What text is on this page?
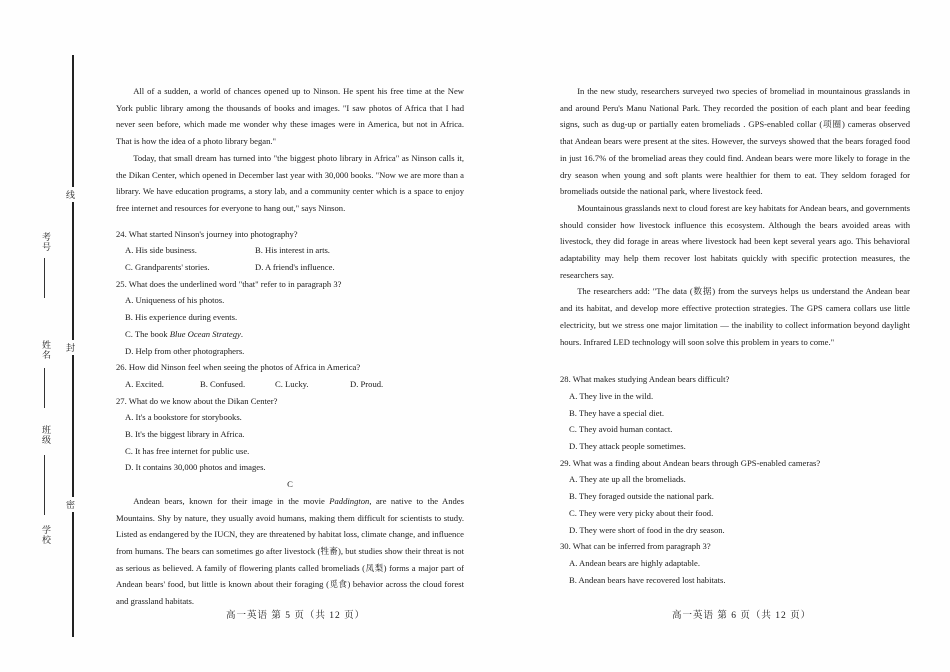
考号
姓名
班级
学校
线
封
密

All of a sudden, a world of chances opened up to Ninson. He spent his free time at the New York public library among the thousands of books and images. "I saw photos of Africa that I had never seen before, which made me wonder why these images were in America, but not in Africa. That is how the idea of a photo library began."

Today, that small dream has turned into "the biggest photo library in Africa" as Ninson calls it, the Dikan Center, which opened in December last year with 30,000 books. "Now we are more than a library. We have education programs, a story lab, and a community center which is a space to enjoy free internet and resources for everyone to hang out," says Ninson.

24. What started Ninson's journey into photography?
A. His side business.	B. His interest in arts.
C. Grandparents' stories.	D. A friend's influence.
25. What does the underlined word "that" refer to in paragraph 3?
A. Uniqueness of his photos.
B. His experience during events.
C. The book Blue Ocean Strategy.
D. Help from other photographers.
26. How did Ninson feel when seeing the photos of Africa in America?
A. Excited.	B. Confused.	C. Lucky.	D. Proud.
27. What do we know about the Dikan Center?
A. It's a bookstore for storybooks.
B. It's the biggest library in Africa.
C. It has free internet for public use.
D. It contains 30,000 photos and images.
C

Andean bears, known for their image in the movie Paddington, are native to the Andes Mountains. Shy by nature, they usually avoid humans, making them difficult for scientists to study. Listed as endangered by the IUCN, they are threatened by habitat loss, climate change, and influence from humans. The bears can sometimes go after livestock (牲畜), but studies show their threat is not as serious as believed. A family of flowering plants called bromeliads (凤梨) forms a major part of Andean bears' food, but little is known about their foraging (觅食) behavior across the cloud forest and grassland habitats.

高一英语 第 5 页（共 12 页）

In the new study, researchers surveyed two species of bromeliad in mountainous grasslands in and around Peru's Manu National Park. They recorded the position of each plant and bear feeding signs, such as dug-up or partially eaten bromeliads . GPS-enabled collar (项圈) cameras observed that Andean bears were present at the sites. However, the surveys showed that the bears foraged food in just 16.7% of the bromeliad areas they could find. Andean bears were more likely to forage in the dry season when young and soft plants were healthier for them to eat. They seldom foraged for bromeliads outside the national park, where livestock feed.

Mountainous grasslands next to cloud forest are key habitats for Andean bears, and governments should consider how livestock influence this ecosystem. Although the bears avoided areas with livestock, they did forage in areas where livestock had been kept several years ago. This behavioral adaptability may help them recover lost habitats quickly with specific protection measures, the researchers say.

The researchers add: "The data (数据) from the surveys helps us understand the Andean bear and its habitat, and develop more effective protection strategies. The GPS camera collars use little electricity, but we stress one major limitation — the inability to collect information beyond daylight hours. Infrared LED technology will soon solve this problem in years to come."

28. What makes studying Andean bears difficult?
A. They live in the wild.
B. They have a special diet.
C. They avoid human contact.
D. They attack people sometimes.
29. What was a finding about Andean bears through GPS-enabled cameras?
A. They ate up all the bromeliads.
B. They foraged outside the national park.
C. They were very picky about their food.
D. They were short of food in the dry season.
30. What can be inferred from paragraph 3?
A. Andean bears are highly adaptable.
B. Andean bears have recovered lost habitats.
高一英语 第 6 页（共 12 页）
